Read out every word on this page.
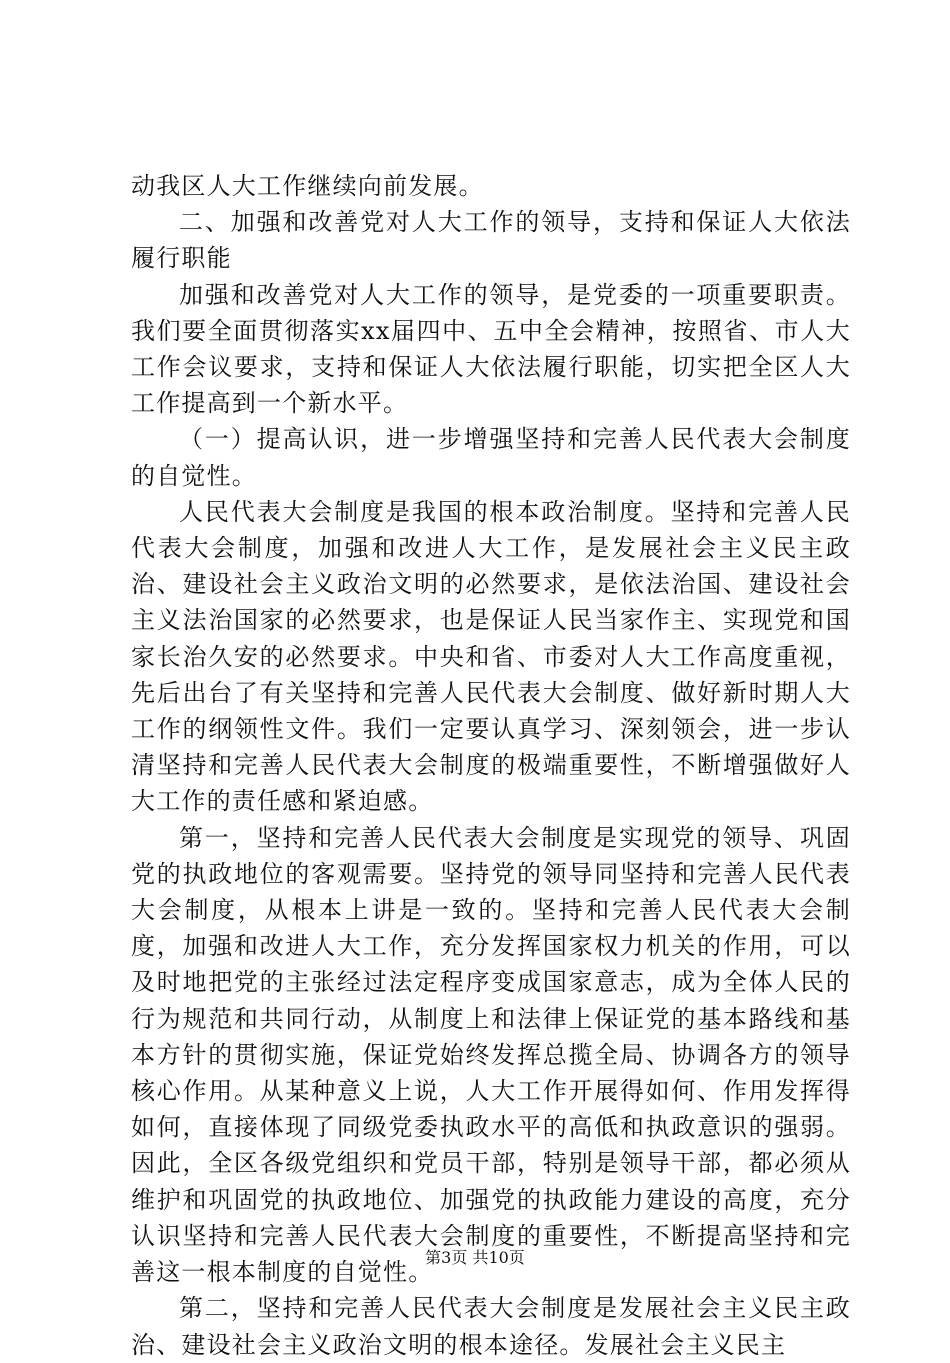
动我区人大工作继续向前发展。

二、加强和改善党对人大工作的领导，支持和保证人大依法履行职能

加强和改善党对人大工作的领导，是党委的一项重要职责。我们要全面贯彻落实xx届四中、五中全会精神，按照省、市人大工作会议要求，支持和保证人大依法履行职能，切实把全区人大工作提高到一个新水平。

（一）提高认识，进一步增强坚持和完善人民代表大会制度的自觉性。

人民代表大会制度是我国的根本政治制度。坚持和完善人民代表大会制度，加强和改进人大工作，是发展社会主义民主政治、建设社会主义政治文明的必然要求，是依法治国、建设社会主义法治国家的必然要求，也是保证人民当家作主、实现党和国家长治久安的必然要求。中央和省、市委对人大工作高度重视，先后出台了有关坚持和完善人民代表大会制度、做好新时期人大工作的纲领性文件。我们一定要认真学习、深刻领会，进一步认清坚持和完善人民代表大会制度的极端重要性，不断增强做好人大工作的责任感和紧迫感。

第一，坚持和完善人民代表大会制度是实现党的领导、巩固党的执政地位的客观需要。坚持党的领导同坚持和完善人民代表大会制度，从根本上讲是一致的。坚持和完善人民代表大会制度，加强和改进人大工作，充分发挥国家权力机关的作用，可以及时地把党的主张经过法定程序变成国家意志，成为全体人民的行为规范和共同行动，从制度上和法律上保证党的基本路线和基本方针的贯彻实施，保证党始终发挥总揽全局、协调各方的领导核心作用。从某种意义上说，人大工作开展得如何、作用发挥得如何，直接体现了同级党委执政水平的高低和执政意识的强弱。因此，全区各级党组织和党员干部，特别是领导干部，都必须从维护和巩固党的执政地位、加强党的执政能力建设的高度，充分认识坚持和完善人民代表大会制度的重要性，不断提高坚持和完善这一根本制度的自觉性。

第二，坚持和完善人民代表大会制度是发展社会主义民主政治、建设社会主义政治文明的根本途径。发展社会主义民主

第3页 共10页
